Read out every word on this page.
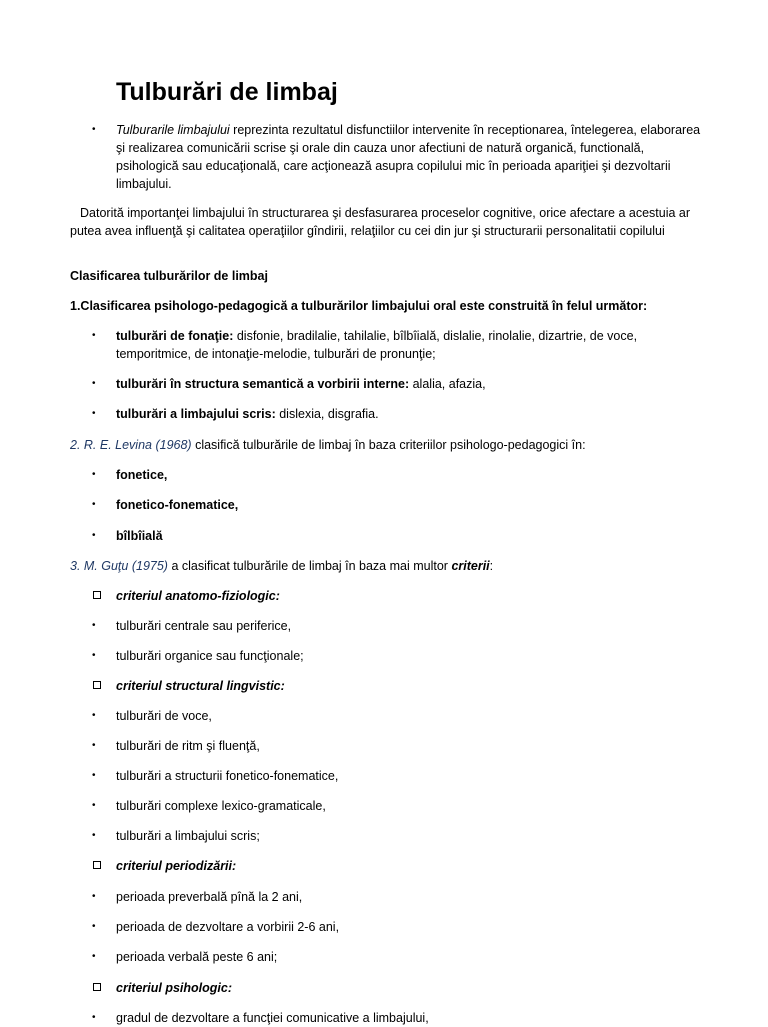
Tulburări de limbaj
• Tulburarile limbajului reprezinta rezultatul disfunctiilor intervenite în receptionarea, întelegerea, elaborarea şi realizarea comunicării scrise şi orale din cauza unor afectiuni de natură organică, functională, psihologică sau educaţională, care acţionează asupra copilului mic în perioada apariţiei şi dezvoltarii limbajului.
Datorită importanţei limbajului în structurarea şi desfasurarea proceselor cognitive, orice afectare a acestuia ar putea avea influenţă şi calitatea operaţiilor gîndirii, relaţiilor cu cei din jur şi structurarii personalitatii copilului
Clasificarea tulburărilor de limbaj
1.Clasificarea psihologo-pedagogică a tulburărilor limbajului oral este construită în felul următor:
• tulburări de fonaţie: disfonie, bradilalie, tahilalie, bîlbîială, dislalie, rinolalie, dizartrie, de voce, temporitmice, de intonaţie-melodie, tulburări de pronunţie;
• tulburări în structura semantică a vorbirii interne: alalia, afazia,
• tulburări a limbajului scris: dislexia, disgrafia.
2. R. E. Levina (1968) clasifică tulburările de limbaj în baza criteriilor psihologo-pedagogici în:
• fonetice,
• fonetico-fonematice,
• bîlbîială
3. M. Guţu (1975) a clasificat tulburările de limbaj în baza mai multor criterii:
criteriul anatomo-fiziologic:
• tulburări centrale sau periferice,
• tulburări organice sau funcţionale;
criteriul structural lingvistic:
• tulburări de voce,
• tulburări de ritm şi fluenţă,
• tulburări a structurii fonetico-fonematice,
• tulburări complexe lexico-gramaticale,
• tulburări a limbajului scris;
criteriul periodizării:
• perioada preverbală pînă la 2 ani,
• perioada de dezvoltare a vorbirii 2-6 ani,
• perioada verbală peste 6 ani;
criteriul psihologic:
• gradul de dezvoltare a funcţiei comunicative a limbajului,
